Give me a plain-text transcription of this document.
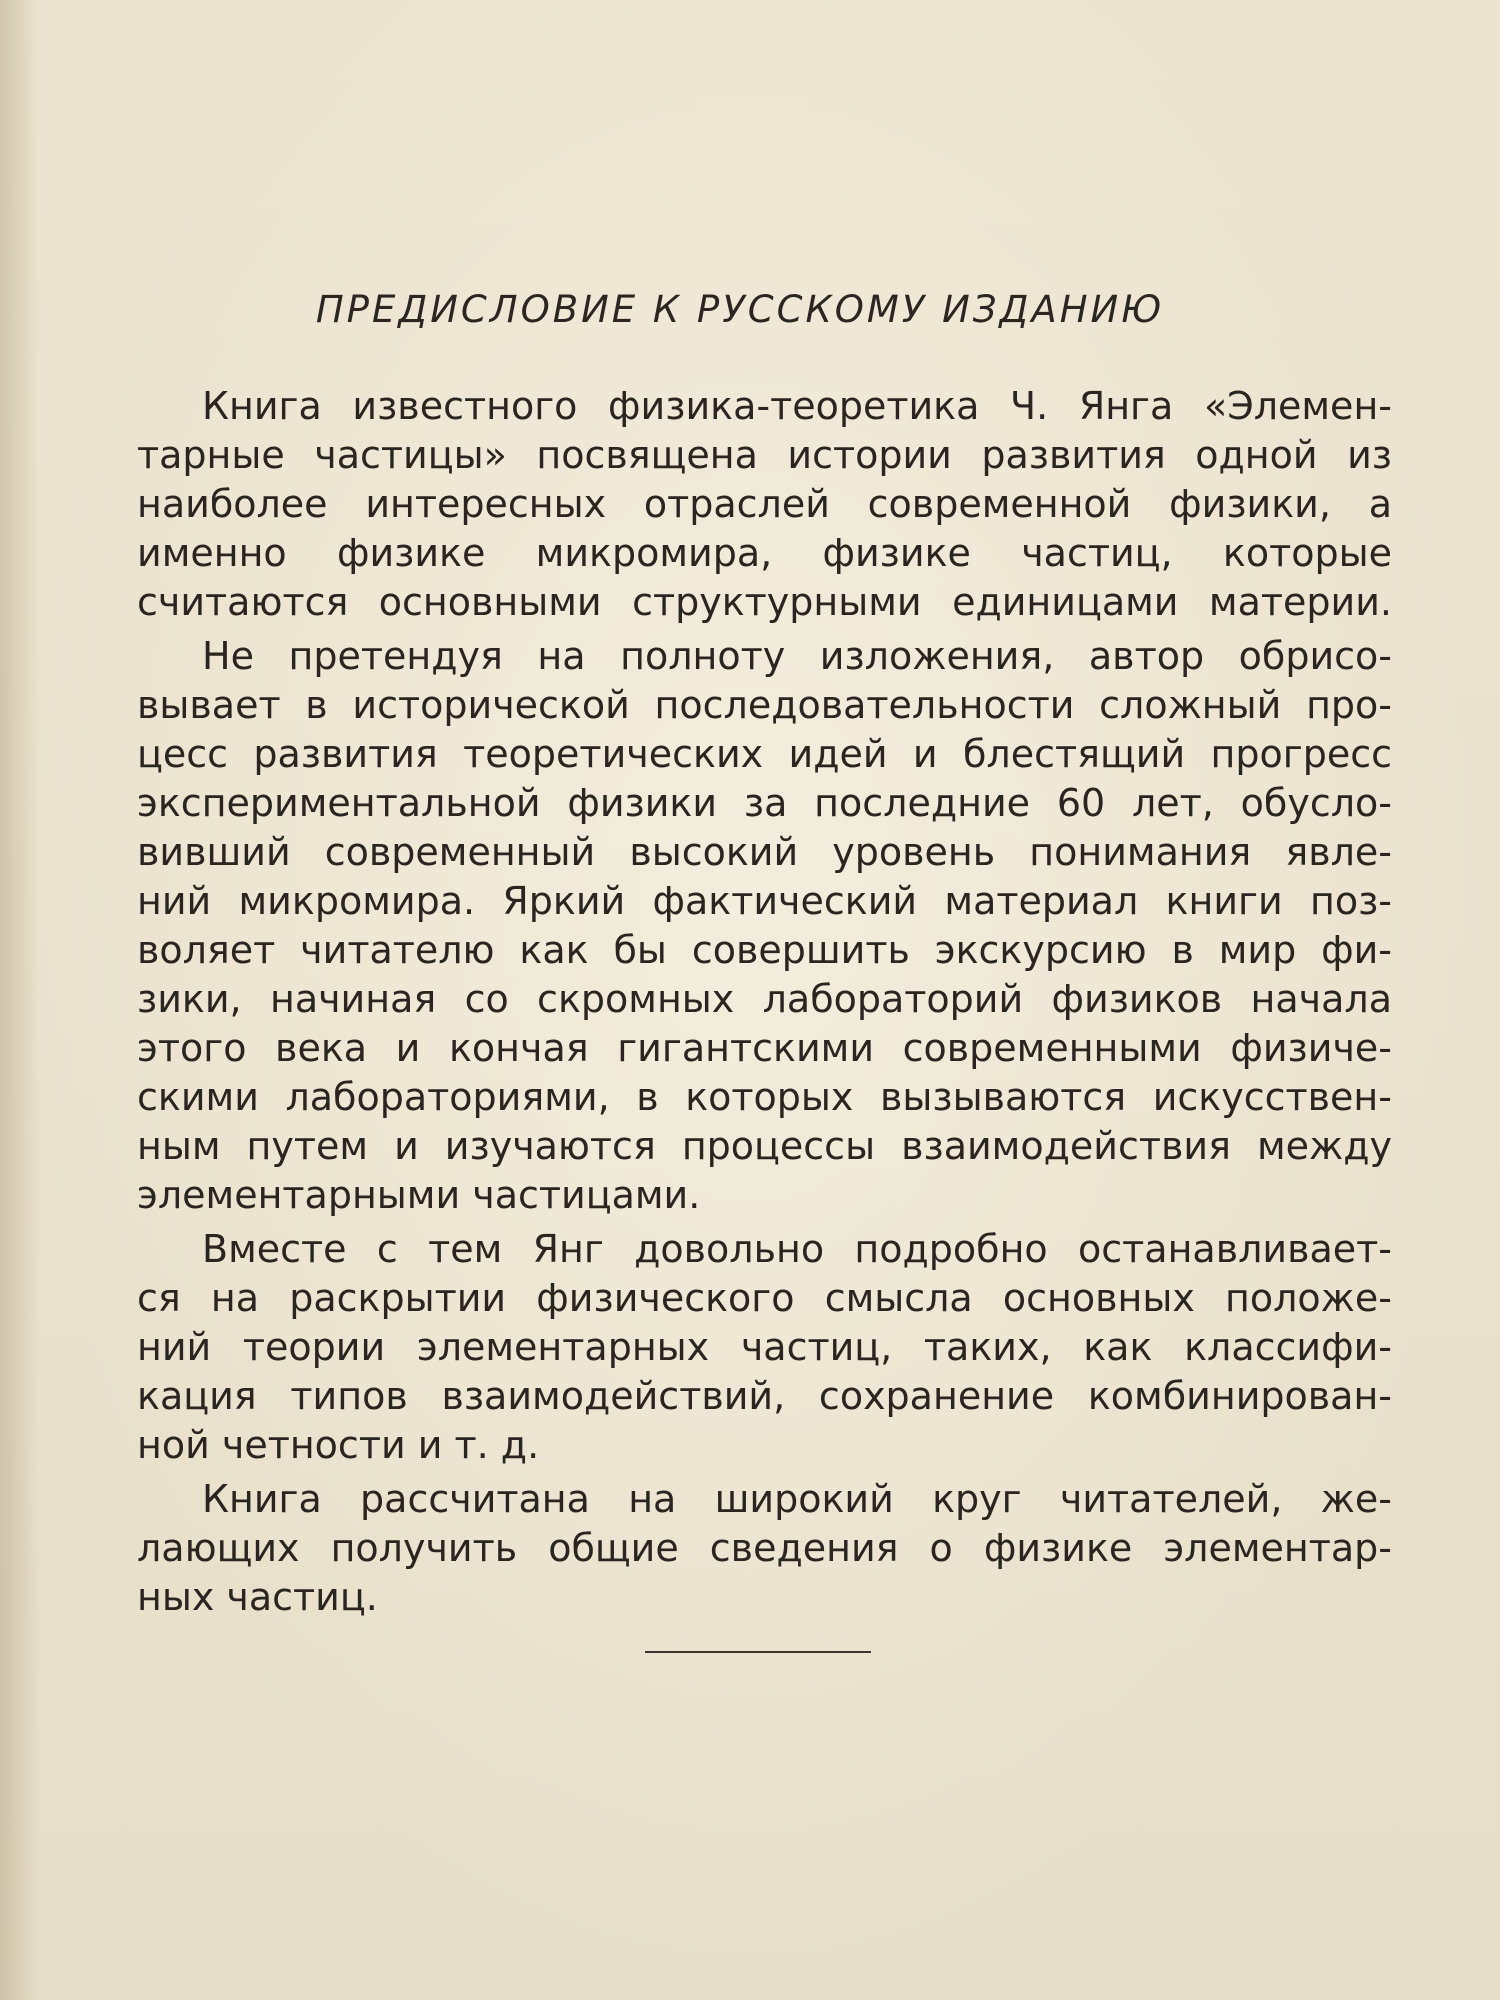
ПРЕДИСЛОВИЕ К РУССКОМУ ИЗДАНИЮ
Книга известного физика-теоретика Ч. Янга «Элемен-
тарные частицы» посвящена истории развития одной из
наиболее интересных отраслей современной физики, а
именно физике микромира, физике частиц, которые
считаются основными структурными единицами материи.
Не претендуя на полноту изложения, автор обрисо-
вывает в исторической последовательности сложный про-
цесс развития теоретических идей и блестящий прогресс
экспериментальной физики за последние 60 лет, обусло-
вивший современный высокий уровень понимания явле-
ний микромира. Яркий фактический материал книги поз-
воляет читателю как бы совершить экскурсию в мир фи-
зики, начиная со скромных лабораторий физиков начала
этого века и кончая гигантскими современными физиче-
скими лабораториями, в которых вызываются искусствен-
ным путем и изучаются процессы взаимодействия между
элементарными частицами.
Вместе с тем Янг довольно подробно останавливает-
ся на раскрытии физического смысла основных положе-
ний теории элементарных частиц, таких, как классифи-
кация типов взаимодействий, сохранение комбинирован-
ной четности и т. д.
Книга рассчитана на широкий круг читателей, же-
лающих получить общие сведения о физике элементар-
ных частиц.
